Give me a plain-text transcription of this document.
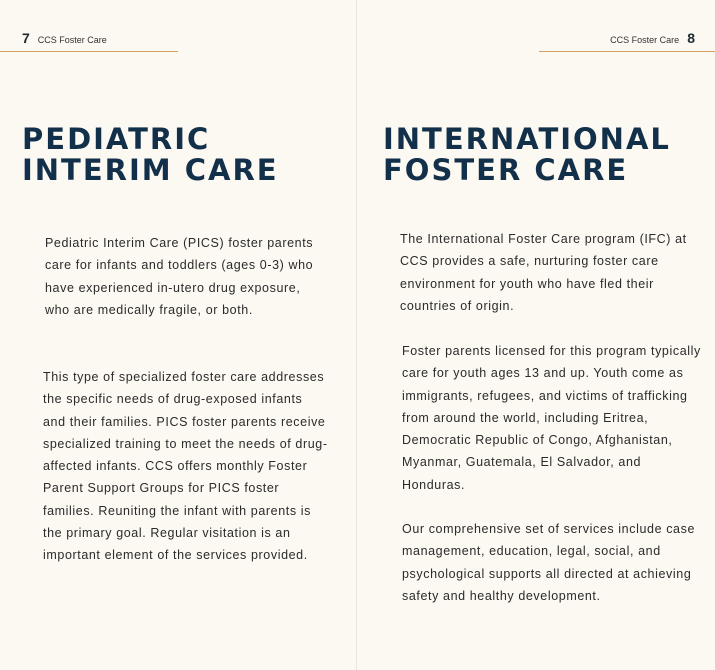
7 CCS Foster Care
PEDIATRIC
INTERIM CARE

Pediatric Interim Care (PICS) foster parents care for infants and toddlers (ages 0-3) who have experienced in-utero drug exposure, who are medically fragile, or both.

This type of specialized foster care addresses the specific needs of drug-exposed infants and their families. PICS foster parents receive specialized training to meet the needs of drug-affected infants. CCS offers monthly Foster Parent Support Groups for PICS foster families. Reuniting the infant with parents is the primary goal. Regular visitation is an important element of the services provided.

CCS Foster Care 8
INTERNATIONAL
FOSTER CARE

The International Foster Care program (IFC) at CCS provides a safe, nurturing foster care environment for youth who have fled their countries of origin.

Foster parents licensed for this program typically care for youth ages 13 and up. Youth come as immigrants, refugees, and victims of trafficking from around the world, including Eritrea, Democratic Republic of Congo, Afghanistan, Myanmar, Guatemala, El Salvador, and Honduras.

Our comprehensive set of services include case management, education, legal, social, and psychological supports all directed at achieving safety and healthy development.
